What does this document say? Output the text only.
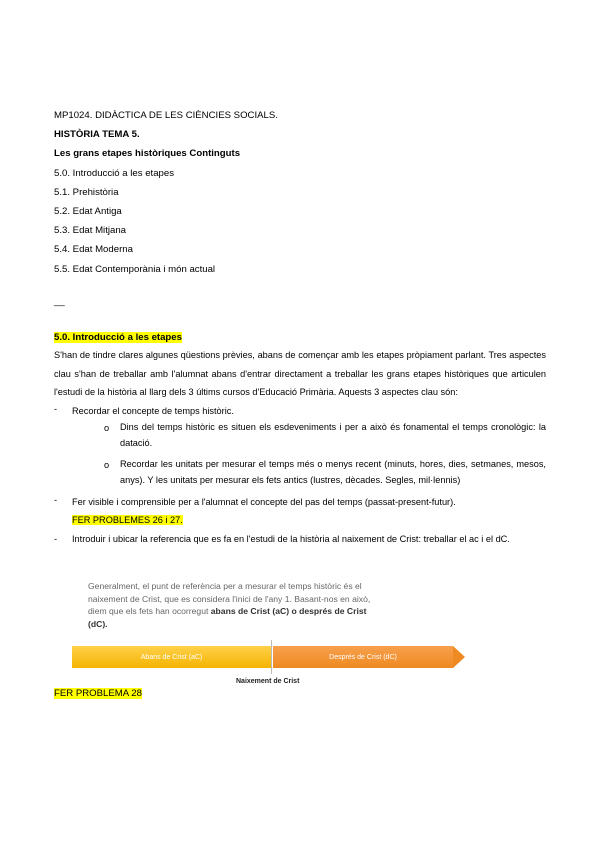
MP1024. DIDÀCTICA DE LES CIÈNCIES SOCIALS.
HISTÒRIA TEMA 5.
Les grans etapes històriques Continguts
5.0. Introducció a les etapes
5.1. Prehistòria
5.2. Edat Antiga
5.3. Edat Mitjana
5.4. Edat Moderna
5.5. Edat Contemporània i món actual
__
5.0. Introducció a les etapes
S'han de tindre clares algunes qüestions prèvies, abans de començar amb les etapes pròpiament parlant. Tres aspectes clau s'han de treballar amb l'alumnat abans d'entrar directament a treballar les grans etapes històriques que articulen l'estudi de la història al llarg dels 3 últims cursos d'Educació Primària. Aquests 3 aspectes clau són:
- Recordar el concepte de temps històric.
o Dins del temps històric es situen els esdeveniments i per a això és fonamental el temps cronològic: la datació.
o Recordar les unitats per mesurar el temps més o menys recent (minuts, hores, dies, setmanes, mesos, anys). Y les unitats per mesurar els fets antics (lustres, dècades. Segles, mil·lennis)
- Fer visible i comprensible per a l'alumnat el concepte del pas del temps (passat-present-futur).
FER PROBLEMES 26 i 27.
- Introduir i ubicar la referencia que es fa en l'estudi de la història al naixement de Crist: treballar el ac i el dC.
Generalment, el punt de referència per a mesurar el temps històric és el naixement de Crist, que es considera l'inici de l'any 1. Basant-nos en això, diem que els fets han ocorregut abans de Crist (aC) o després de Crist (dC).
Abans de Crist (aC)	Després de Crist (dC)
Naixement de Crist
FER PROBLEMA 28
